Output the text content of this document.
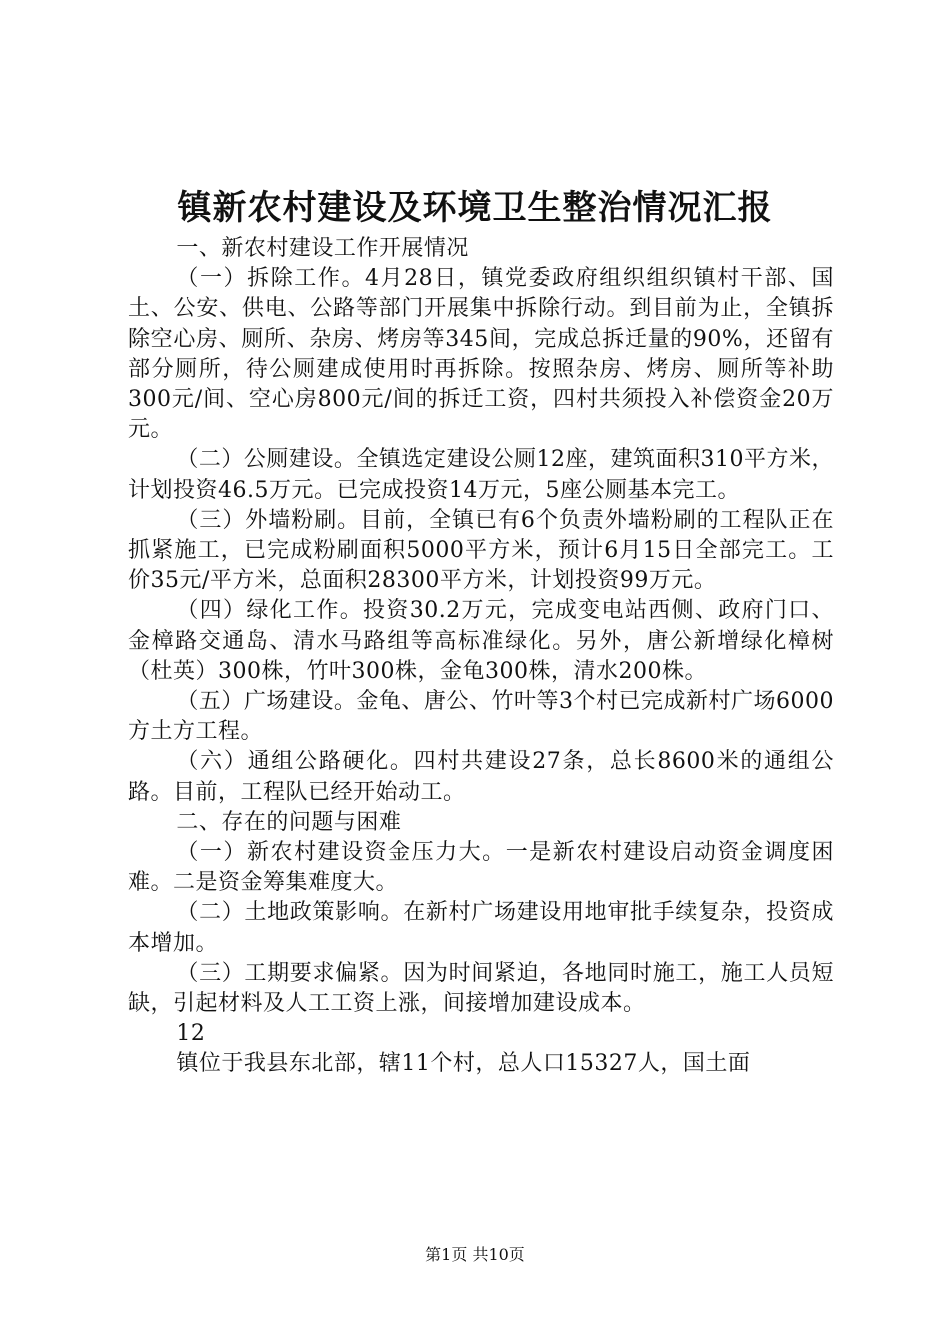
镇新农村建设及环境卫生整治情况汇报

一、新农村建设工作开展情况

（一）拆除工作。4月28日，镇党委政府组织组织镇村干部、国土、公安、供电、公路等部门开展集中拆除行动。到目前为止，全镇拆除空心房、厕所、杂房、烤房等345间，完成总拆迁量的90%，还留有部分厕所，待公厕建成使用时再拆除。按照杂房、烤房、厕所等补助300元/间、空心房800元/间的拆迁工资，四村共须投入补偿资金20万元。

（二）公厕建设。全镇选定建设公厕12座，建筑面积310平方米，计划投资46.5万元。已完成投资14万元，5座公厕基本完工。

（三）外墙粉刷。目前，全镇已有6个负责外墙粉刷的工程队正在抓紧施工，已完成粉刷面积5000平方米，预计6月15日全部完工。工价35元/平方米，总面积28300平方米，计划投资99万元。

（四）绿化工作。投资30.2万元，完成变电站西侧、政府门口、金樟路交通岛、清水马路组等高标准绿化。另外，唐公新增绿化樟树（杜英）300株，竹叶300株，金龟300株，清水200株。

（五）广场建设。金龟、唐公、竹叶等3个村已完成新村广场6000方土方工程。

（六）通组公路硬化。四村共建设27条，总长8600米的通组公路。目前，工程队已经开始动工。

二、存在的问题与困难

（一）新农村建设资金压力大。一是新农村建设启动资金调度困难。二是资金筹集难度大。

（二）土地政策影响。在新村广场建设用地审批手续复杂，投资成本增加。

（三）工期要求偏紧。因为时间紧迫，各地同时施工，施工人员短缺，引起材料及人工工资上涨，间接增加建设成本。

12

镇位于我县东北部，辖11个村，总人口15327人，国土面

第1页 共10页
